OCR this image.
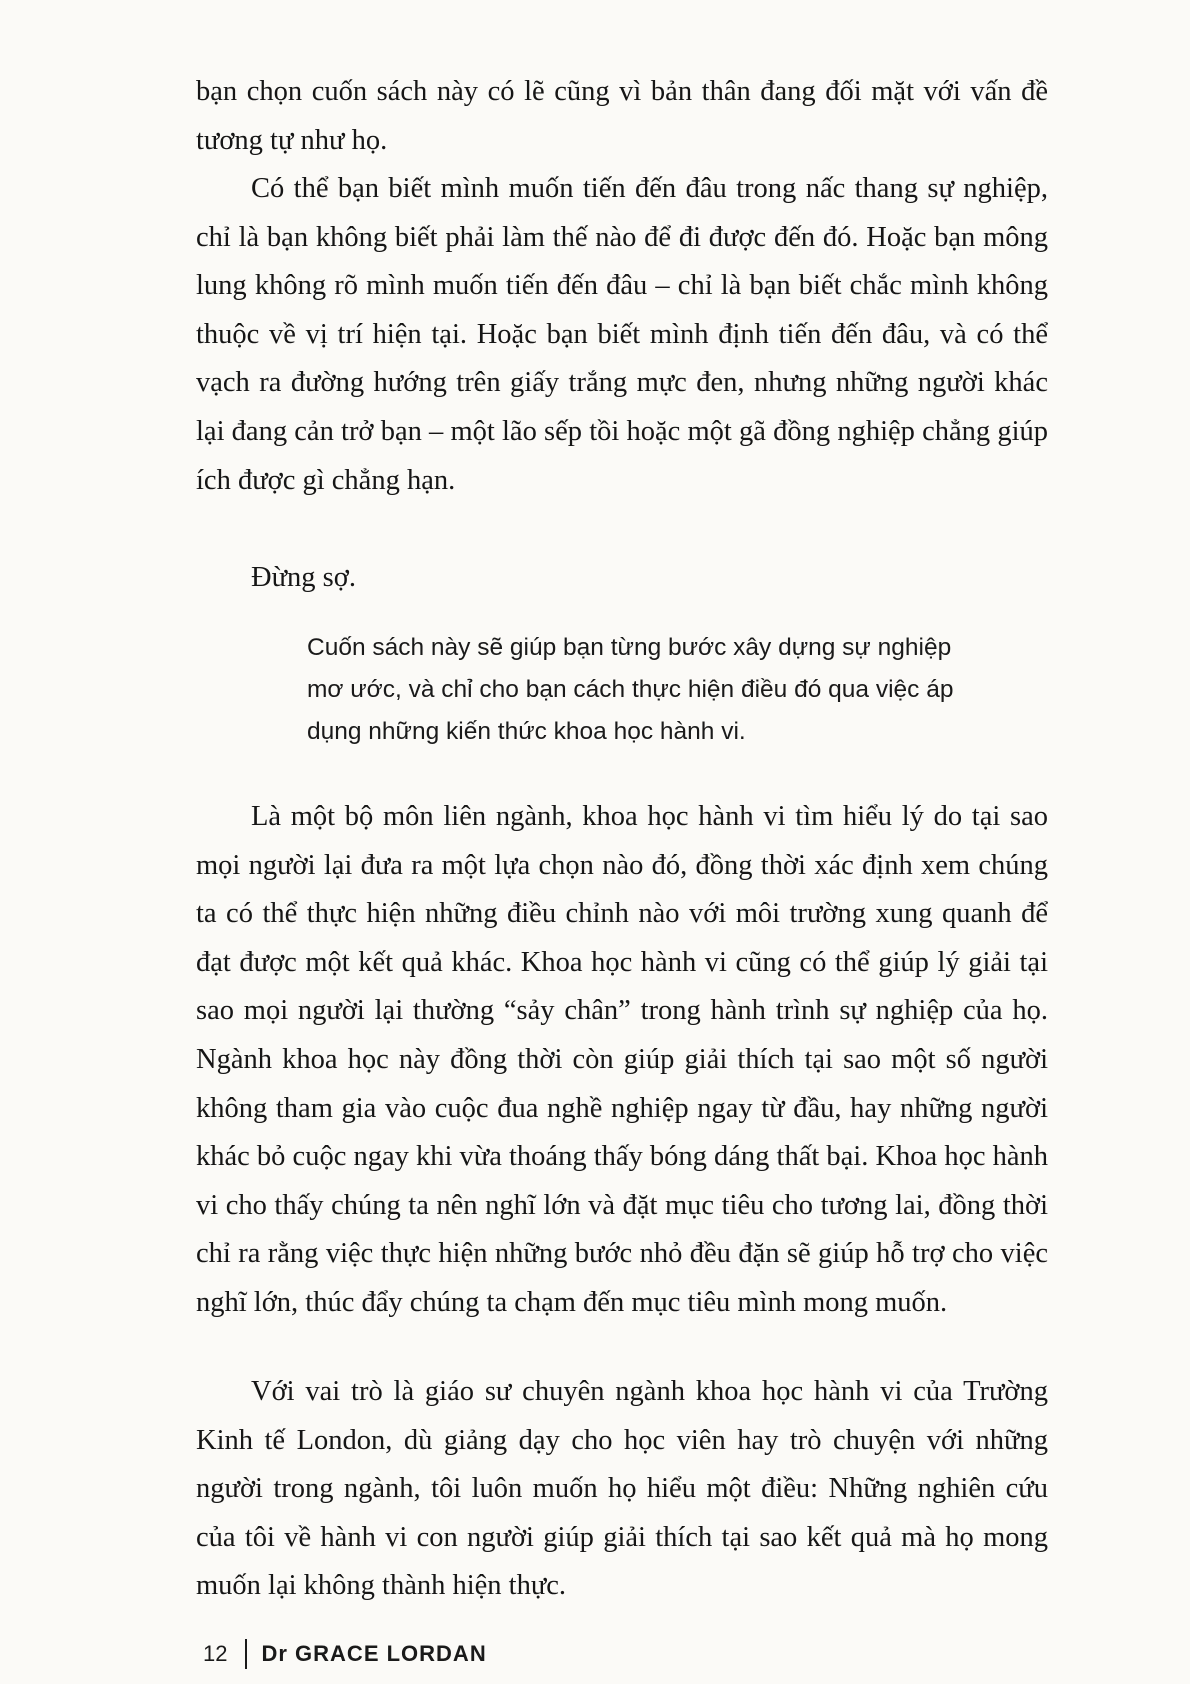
bạn chọn cuốn sách này có lẽ cũng vì bản thân đang đối mặt với vấn đề tương tự như họ.

Có thể bạn biết mình muốn tiến đến đâu trong nấc thang sự nghiệp, chỉ là bạn không biết phải làm thế nào để đi được đến đó. Hoặc bạn mông lung không rõ mình muốn tiến đến đâu – chỉ là bạn biết chắc mình không thuộc về vị trí hiện tại. Hoặc bạn biết mình định tiến đến đâu, và có thể vạch ra đường hướng trên giấy trắng mực đen, nhưng những người khác lại đang cản trở bạn – một lão sếp tồi hoặc một gã đồng nghiệp chẳng giúp ích được gì chẳng hạn.

Đừng sợ.

Cuốn sách này sẽ giúp bạn từng bước xây dựng sự nghiệp mơ ước, và chỉ cho bạn cách thực hiện điều đó qua việc áp dụng những kiến thức khoa học hành vi.

Là một bộ môn liên ngành, khoa học hành vi tìm hiểu lý do tại sao mọi người lại đưa ra một lựa chọn nào đó, đồng thời xác định xem chúng ta có thể thực hiện những điều chỉnh nào với môi trường xung quanh để đạt được một kết quả khác. Khoa học hành vi cũng có thể giúp lý giải tại sao mọi người lại thường “sảy chân” trong hành trình sự nghiệp của họ. Ngành khoa học này đồng thời còn giúp giải thích tại sao một số người không tham gia vào cuộc đua nghề nghiệp ngay từ đầu, hay những người khác bỏ cuộc ngay khi vừa thoáng thấy bóng dáng thất bại. Khoa học hành vi cho thấy chúng ta nên nghĩ lớn và đặt mục tiêu cho tương lai, đồng thời chỉ ra rằng việc thực hiện những bước nhỏ đều đặn sẽ giúp hỗ trợ cho việc nghĩ lớn, thúc đẩy chúng ta chạm đến mục tiêu mình mong muốn.

Với vai trò là giáo sư chuyên ngành khoa học hành vi của Trường Kinh tế London, dù giảng dạy cho học viên hay trò chuyện với những người trong ngành, tôi luôn muốn họ hiểu một điều: Những nghiên cứu của tôi về hành vi con người giúp giải thích tại sao kết quả mà họ mong muốn lại không thành hiện thực.

12 Dr GRACE LORDAN
